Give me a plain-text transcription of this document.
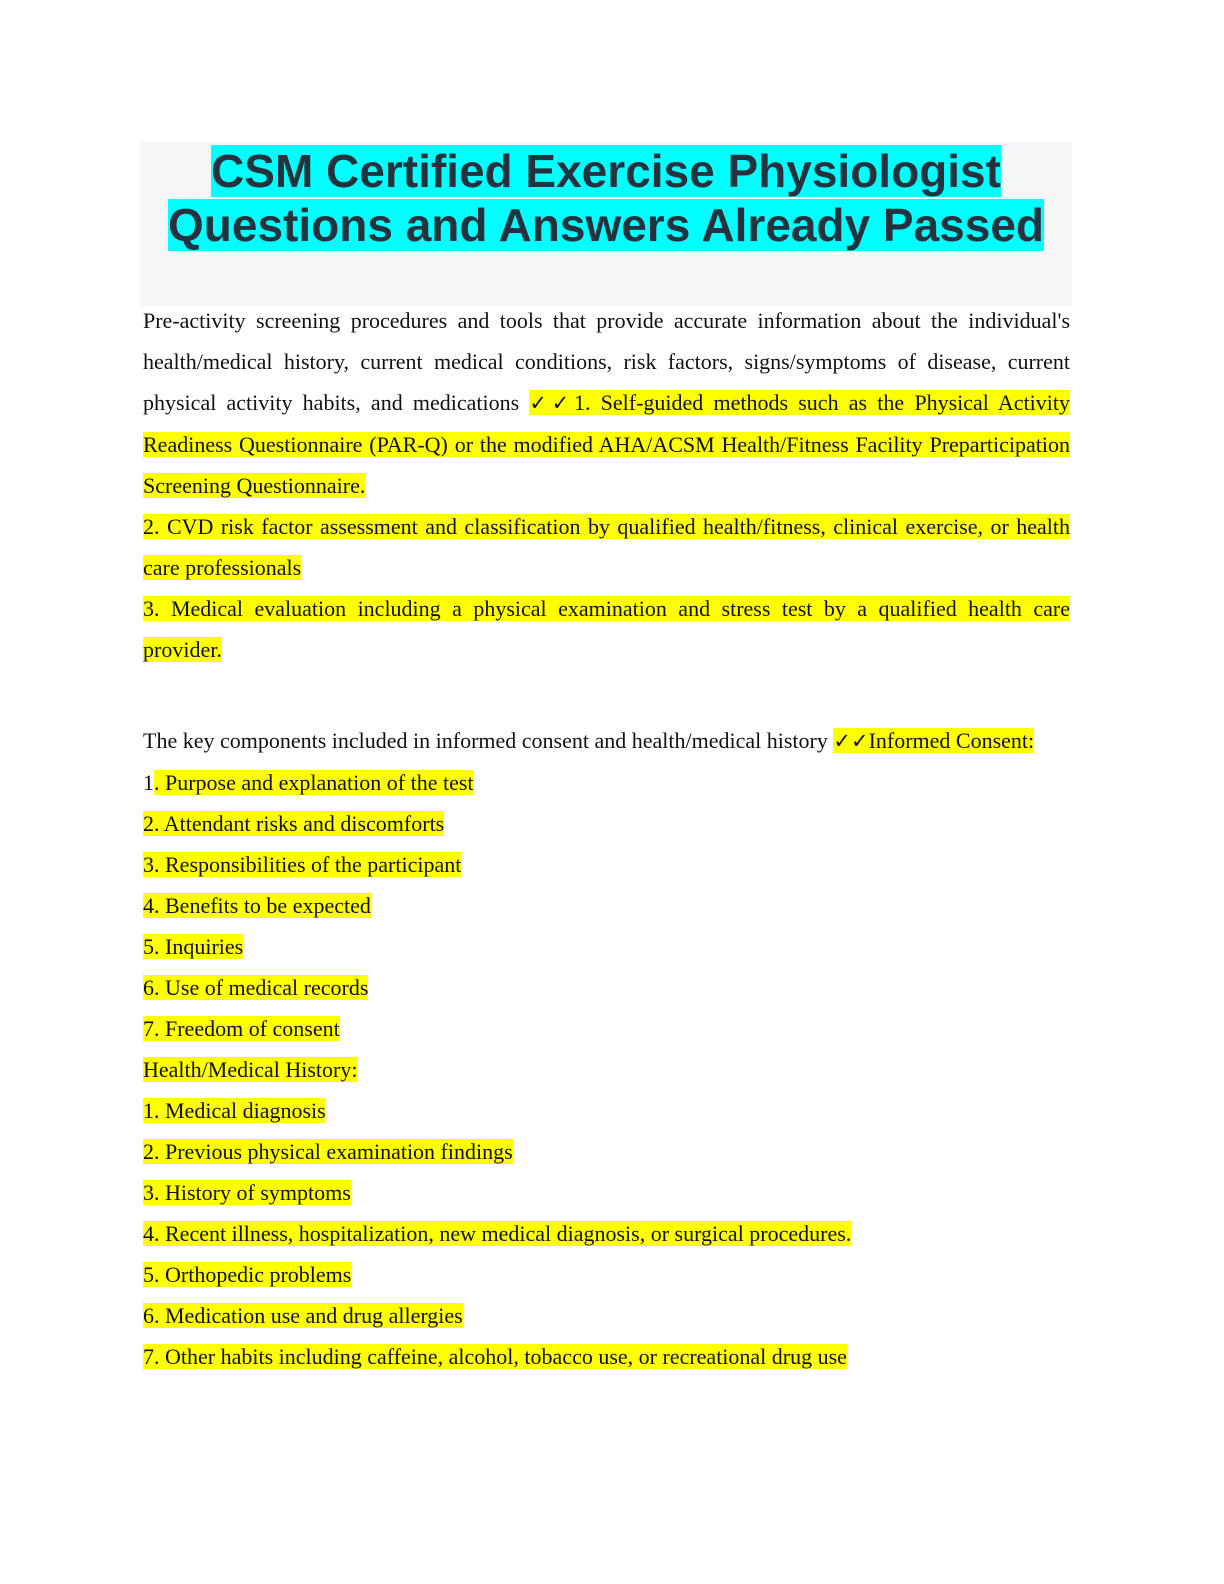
CSM Certified Exercise Physiologist
Questions and Answers Already Passed

Pre-activity screening procedures and tools that provide accurate information about the individual's health/medical history, current medical conditions, risk factors, signs/symptoms of disease, current physical activity habits, and medications ✓✓1. Self-guided methods such as the Physical Activity Readiness Questionnaire (PAR-Q) or the modified AHA/ACSM Health/Fitness Facility Preparticipation Screening Questionnaire.

2. CVD risk factor assessment and classification by qualified health/fitness, clinical exercise, or health care professionals

3. Medical evaluation including a physical examination and stress test by a qualified health care provider.

The key components included in informed consent and health/medical history ✓✓Informed Consent:

1. Purpose and explanation of the test

2. Attendant risks and discomforts

3. Responsibilities of the participant

4. Benefits to be expected

5. Inquiries

6. Use of medical records

7. Freedom of consent

Health/Medical History:

1. Medical diagnosis

2. Previous physical examination findings

3. History of symptoms

4. Recent illness, hospitalization, new medical diagnosis, or surgical procedures.

5. Orthopedic problems

6. Medication use and drug allergies

7. Other habits including caffeine, alcohol, tobacco use, or recreational drug use
